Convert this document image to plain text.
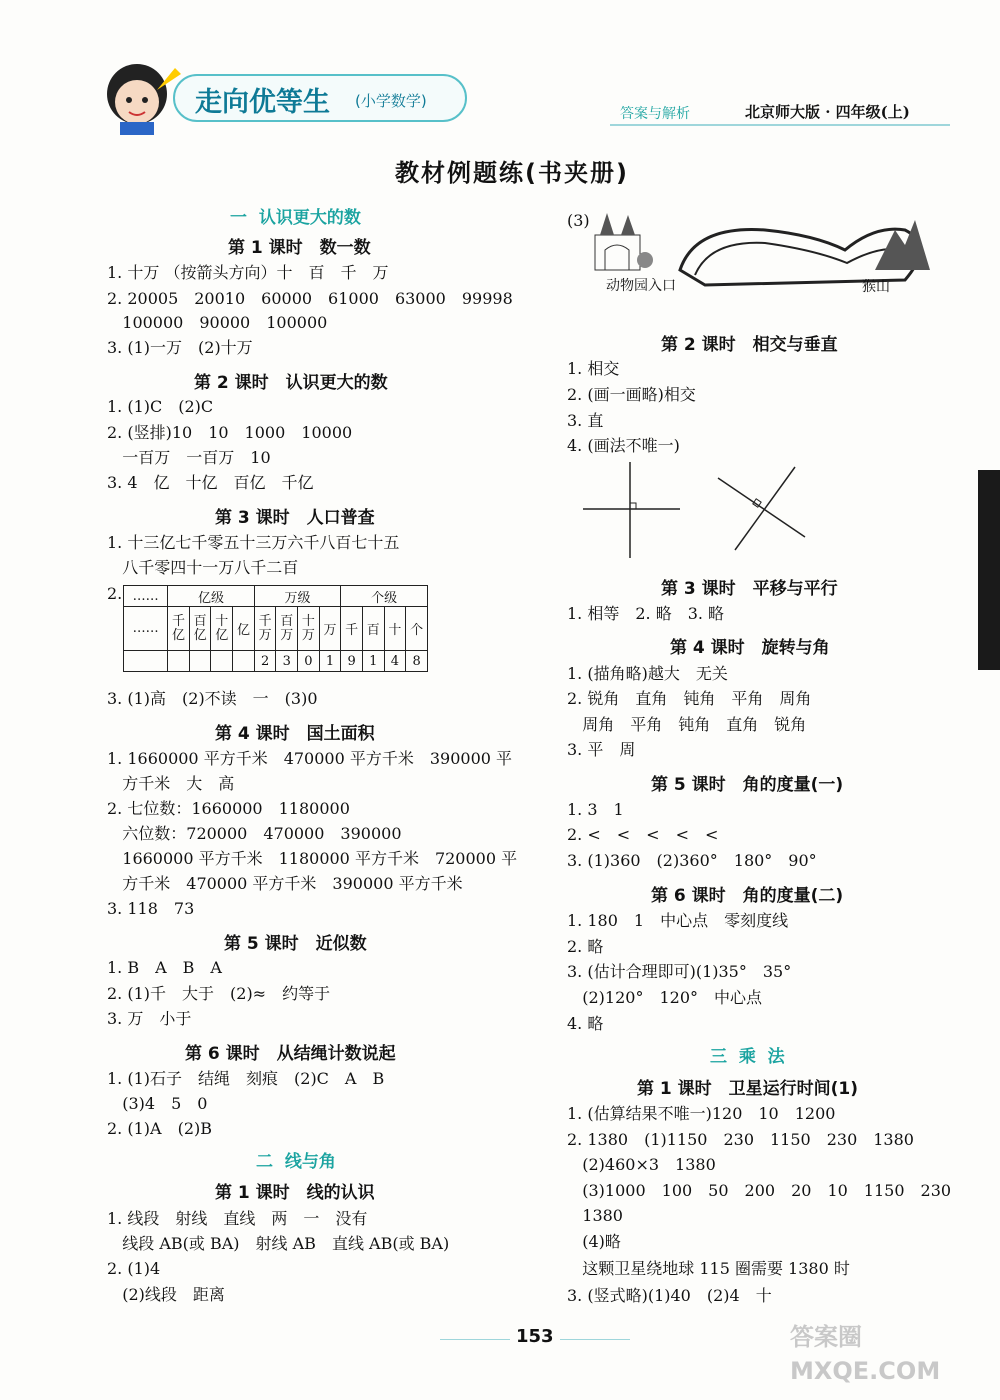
走向优等生 (小学数学)
答案与解析	北京师大版 · 四年级(上)
教材例题练(书夹册)
一  认识更大的数
第 1 课时　数一数
1. 十万 （按箭头方向）十　百　千　万
2. 20005　20010　60000　61000　63000　99998
100000　90000　100000
3. (1)一万　(2)十万
第 2 课时　认识更大的数
1. (1)C　(2)C
2. (竖排)10　10　1000　10000
一百万　一百万　10
3. 4　亿　十亿　百亿　千亿
第 3 课时　人口普查
1. 十三亿七千零五十三万六千八百七十五
八千零四十一万八千二百
2. ……	亿级				万级				个级			
……	千亿	百亿	十亿	亿	千万	百万	十万	万	千	百	十	个
					2	3	0	1	9	1	4	8
3. (1)高　(2)不读　一　(3)0
第 4 课时　国土面积
1. 1660000 平方千米　470000 平方千米　390000 平
方千米　大　高
2. 七位数：1660000　1180000
六位数：720000　470000　390000
1660000 平方千米　1180000 平方千米　720000 平
方千米　470000 平方千米　390000 平方千米
3. 118　73
第 5 课时　近似数
1. B　A　B　A
2. (1)千　大于　(2)≈　约等于
3. 万　小于
第 6 课时　从结绳计数说起
1. (1)石子　结绳　刻痕　(2)C　A　B
(3)4　5　0
2. (1)A　(2)B
二  线与角
第 1 课时　线的认识
1. 线段　射线　直线　两　一　没有
线段 AB(或 BA)　射线 AB　直线 AB(或 BA)
2. (1)4
(2)线段　距离
(3)
动物园入口	猴山
第 2 课时　相交与垂直
1. 相交
2. (画一画略)相交
3. 直
4. (画法不唯一)
第 3 课时　平移与平行
1. 相等　2. 略　3. 略
第 4 课时　旋转与角
1. (描角略)越大　无关
2. 锐角　直角　钝角　平角　周角
周角　平角　钝角　直角　锐角
3. 平　周
第 5 课时　角的度量(一)
1. 3　1
2. <　<　<　<　<
3. (1)360　(2)360°　180°　90°
第 6 课时　角的度量(二)
1. 180　1　中心点　零刻度线
2. 略
3. (估计合理即可)(1)35°　35°
(2)120°　120°　中心点
4. 略
三  乘  法
第 1 课时　卫星运行时间(1)
1. (估算结果不唯一)120　10　1200
2. 1380　(1)1150　230　1150　230　1380
(2)460×3　1380
(3)1000　100　50　200　20　10　1150　230
1380
(4)略
这颗卫星绕地球 115 圈需要 1380 时
3. (竖式略)(1)40　(2)4　十
153	答案圈 MXQE.COM
